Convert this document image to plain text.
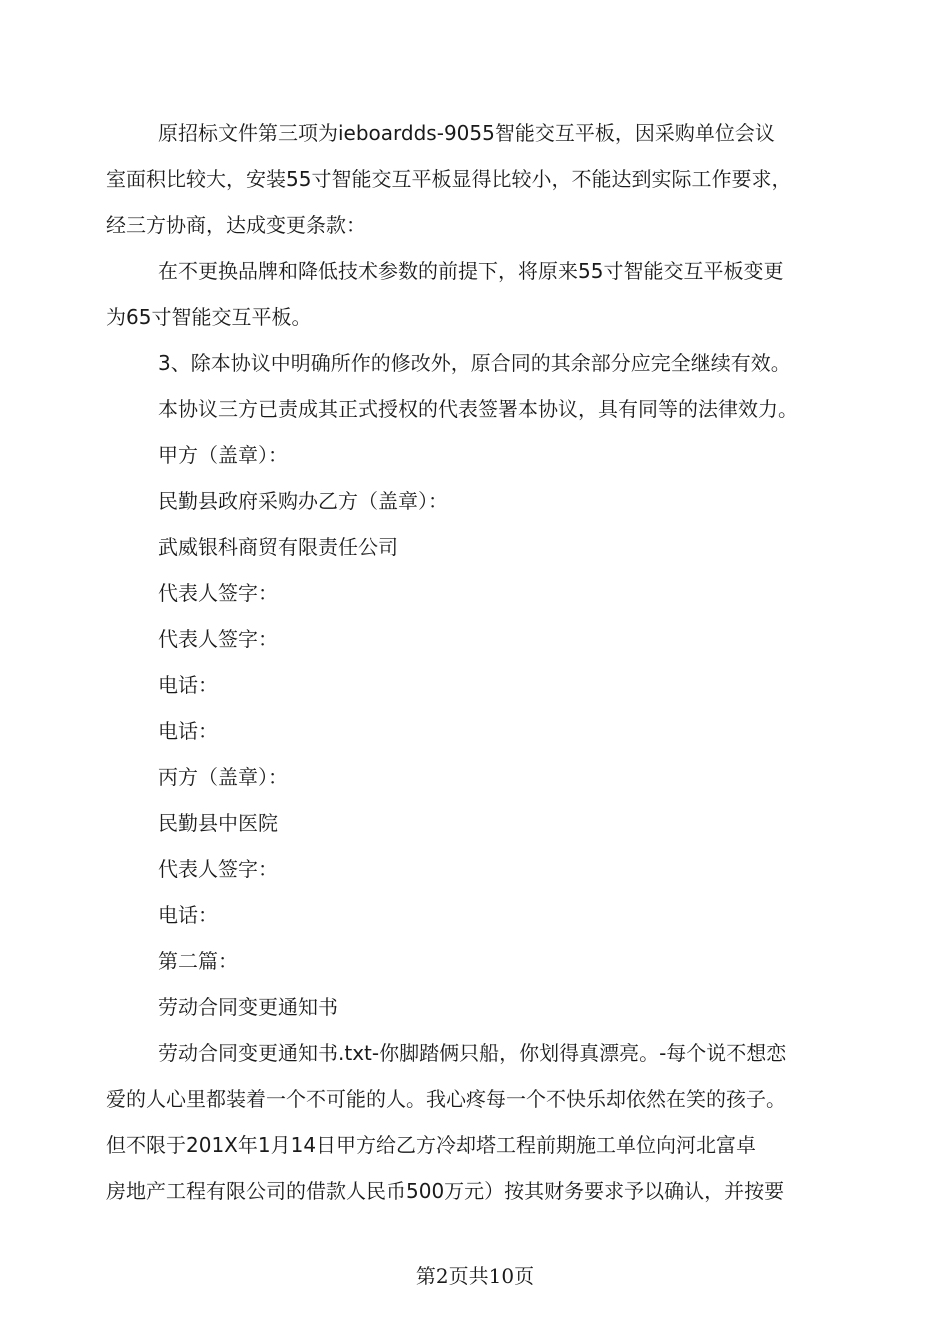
原招标文件第三项为ieboardds-9055智能交互平板，因采购单位会议
室面积比较大，安装55寸智能交互平板显得比较小，不能达到实际工作要求，
经三方协商，达成变更条款：
在不更换品牌和降低技术参数的前提下，将原来55寸智能交互平板变更
为65寸智能交互平板。
3、除本协议中明确所作的修改外，原合同的其余部分应完全继续有效。
本协议三方已责成其正式授权的代表签署本协议，具有同等的法律效力。
甲方（盖章）：
民勤县政府采购办乙方（盖章）：
武威银科商贸有限责任公司
代表人签字：
代表人签字：
电话：
电话：
丙方（盖章）：
民勤县中医院
代表人签字：
电话：
第二篇：
劳动合同变更通知书
劳动合同变更通知书.txt-你脚踏俩只船，你划得真漂亮。-每个说不想恋
爱的人心里都装着一个不可能的人。我心疼每一个不快乐却依然在笑的孩子。
但不限于201X年1月14日甲方给乙方冷却塔工程前期施工单位向河北富卓
房地产工程有限公司的借款人民币500万元）按其财务要求予以确认，并按要
第2页共10页
